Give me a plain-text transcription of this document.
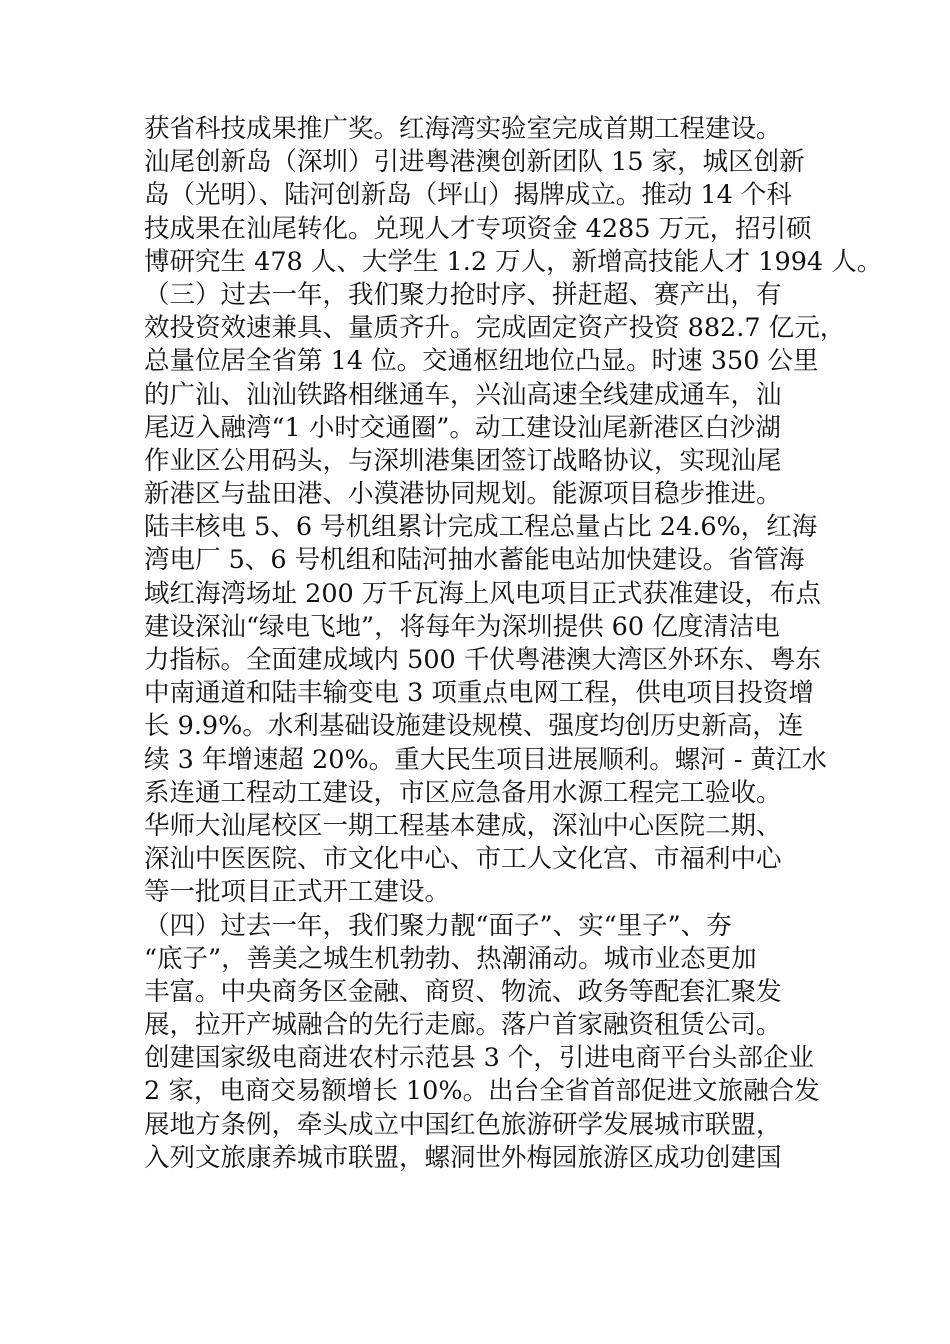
获省科技成果推广奖。红海湾实验室完成首期工程建设。
汕尾创新岛（深圳）引进粤港澳创新团队 15 家，城区创新
岛（光明）、陆河创新岛（坪山）揭牌成立。推动 14 个科
技成果在汕尾转化。兑现人才专项资金 4285 万元，招引硕
博研究生 478 人、大学生 1.2 万人，新增高技能人才 1994 人。
（三）过去一年，我们聚力抢时序、拼赶超、赛产出，有
效投资效速兼具、量质齐升。完成固定资产投资 882.7 亿元，
总量位居全省第 14 位。交通枢纽地位凸显。时速 350 公里
的广汕、汕汕铁路相继通车，兴汕高速全线建成通车，汕
尾迈入融湾“1 小时交通圈”。动工建设汕尾新港区白沙湖
作业区公用码头，与深圳港集团签订战略协议，实现汕尾
新港区与盐田港、小漠港协同规划。能源项目稳步推进。
陆丰核电 5、6 号机组累计完成工程总量占比 24.6%，红海
湾电厂 5、6 号机组和陆河抽水蓄能电站加快建设。省管海
域红海湾场址 200 万千瓦海上风电项目正式获准建设，布点
建设深汕“绿电飞地”，将每年为深圳提供 60 亿度清洁电
力指标。全面建成域内 500 千伏粤港澳大湾区外环东、粤东
中南通道和陆丰输变电 3 项重点电网工程，供电项目投资增
长 9.9%。水利基础设施建设规模、强度均创历史新高，连
续 3 年增速超 20%。重大民生项目进展顺利。螺河 - 黄江水
系连通工程动工建设，市区应急备用水源工程完工验收。
华师大汕尾校区一期工程基本建成，深汕中心医院二期、
深汕中医医院、市文化中心、市工人文化宫、市福利中心
等一批项目正式开工建设。
（四）过去一年，我们聚力靓“面子”、实“里子”、夯
“底子”，善美之城生机勃勃、热潮涌动。城市业态更加
丰富。中央商务区金融、商贸、物流、政务等配套汇聚发
展，拉开产城融合的先行走廊。落户首家融资租赁公司。
创建国家级电商进农村示范县 3 个，引进电商平台头部企业
2 家，电商交易额增长 10%。出台全省首部促进文旅融合发
展地方条例，牵头成立中国红色旅游研学发展城市联盟，
入列文旅康养城市联盟，螺洞世外梅园旅游区成功创建国
